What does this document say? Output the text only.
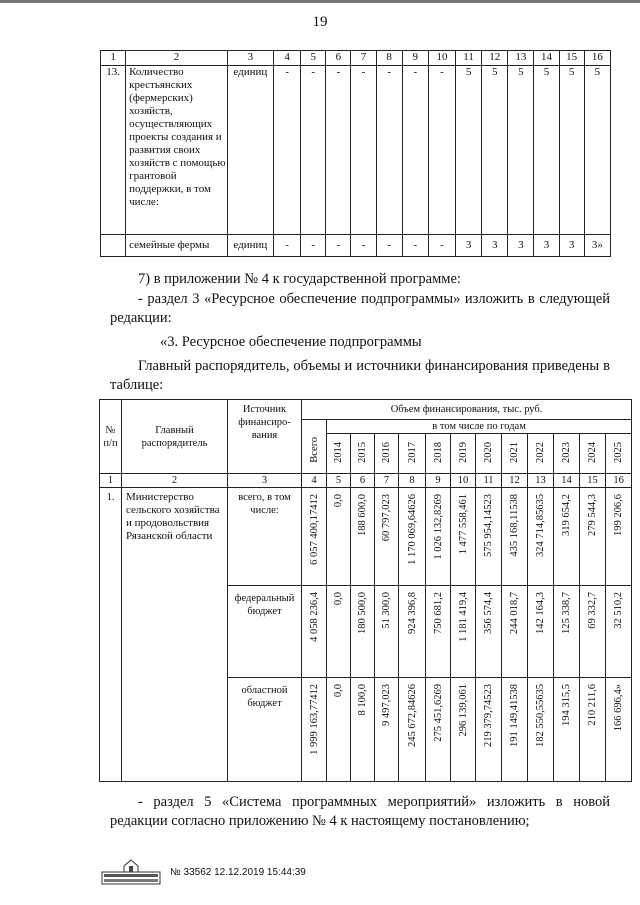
19
1	2	3	4	5	6	7	8	9	10	11	12	13	14	15	16
13.	Количество крестьянских (фермерских) хозяйств, осуществляющих проекты создания и развития своих хозяйств с помощью грантовой поддержки, в том числе:	единиц	-	-	-	-	-	-	-	5	5	5	5	5	5
	семейные фермы	единиц	-	-	-	-	-	-	-	3	3	3	3	3	3»
7) в приложении № 4 к государственной программе:
- раздел 3 «Ресурсное обеспечение подпрограммы» изложить в следующей редакции:
«3. Ресурсное обеспечение подпрограммы
Главный распорядитель, объемы и источники финансирования приведены в таблице:
№ п/п	Главный распорядитель	Источник финансиро-вания	Объем финансирования, тыс. руб.												
			Всего	в том числе по годам											
				2014	2015	2016	2017	2018	2019	2020	2021	2022	2023	2024	2025
1	2	3	4	5	6	7	8	9	10	11	12	13	14	15	16
1.	Министерство сельского хозяйства и продовольствия Рязанской области	всего, в том числе:	6 057 400,17412	0,0	188 600,0	60 797,023	1 170 069,64626	1 026 132,8269	1 477 558,461	575 954,14523	435 168,11538	324 714,85635	319 654,2	279 544,3	199 206,6
		федеральный бюджет	4 058 236,4	0,0	180 500,0	51 300,0	924 396,8	750 681,2	1 181 419,4	356 574,4	244 018,7	142 164,3	125 338,7	69 332,7	32 510,2
		областной бюджет	1 999 163,77412	0,0	8 100,0	9 497,023	245 672,84626	275 451,6269	296 139,061	219 379,74523	191 149,41538	182 550,55635	194 315,5	210 211,6	166 696,4»
- раздел 5 «Система программных мероприятий» изложить в новой редакции согласно приложению № 4 к настоящему постановлению;
№ 33562 12.12.2019 15:44:39
